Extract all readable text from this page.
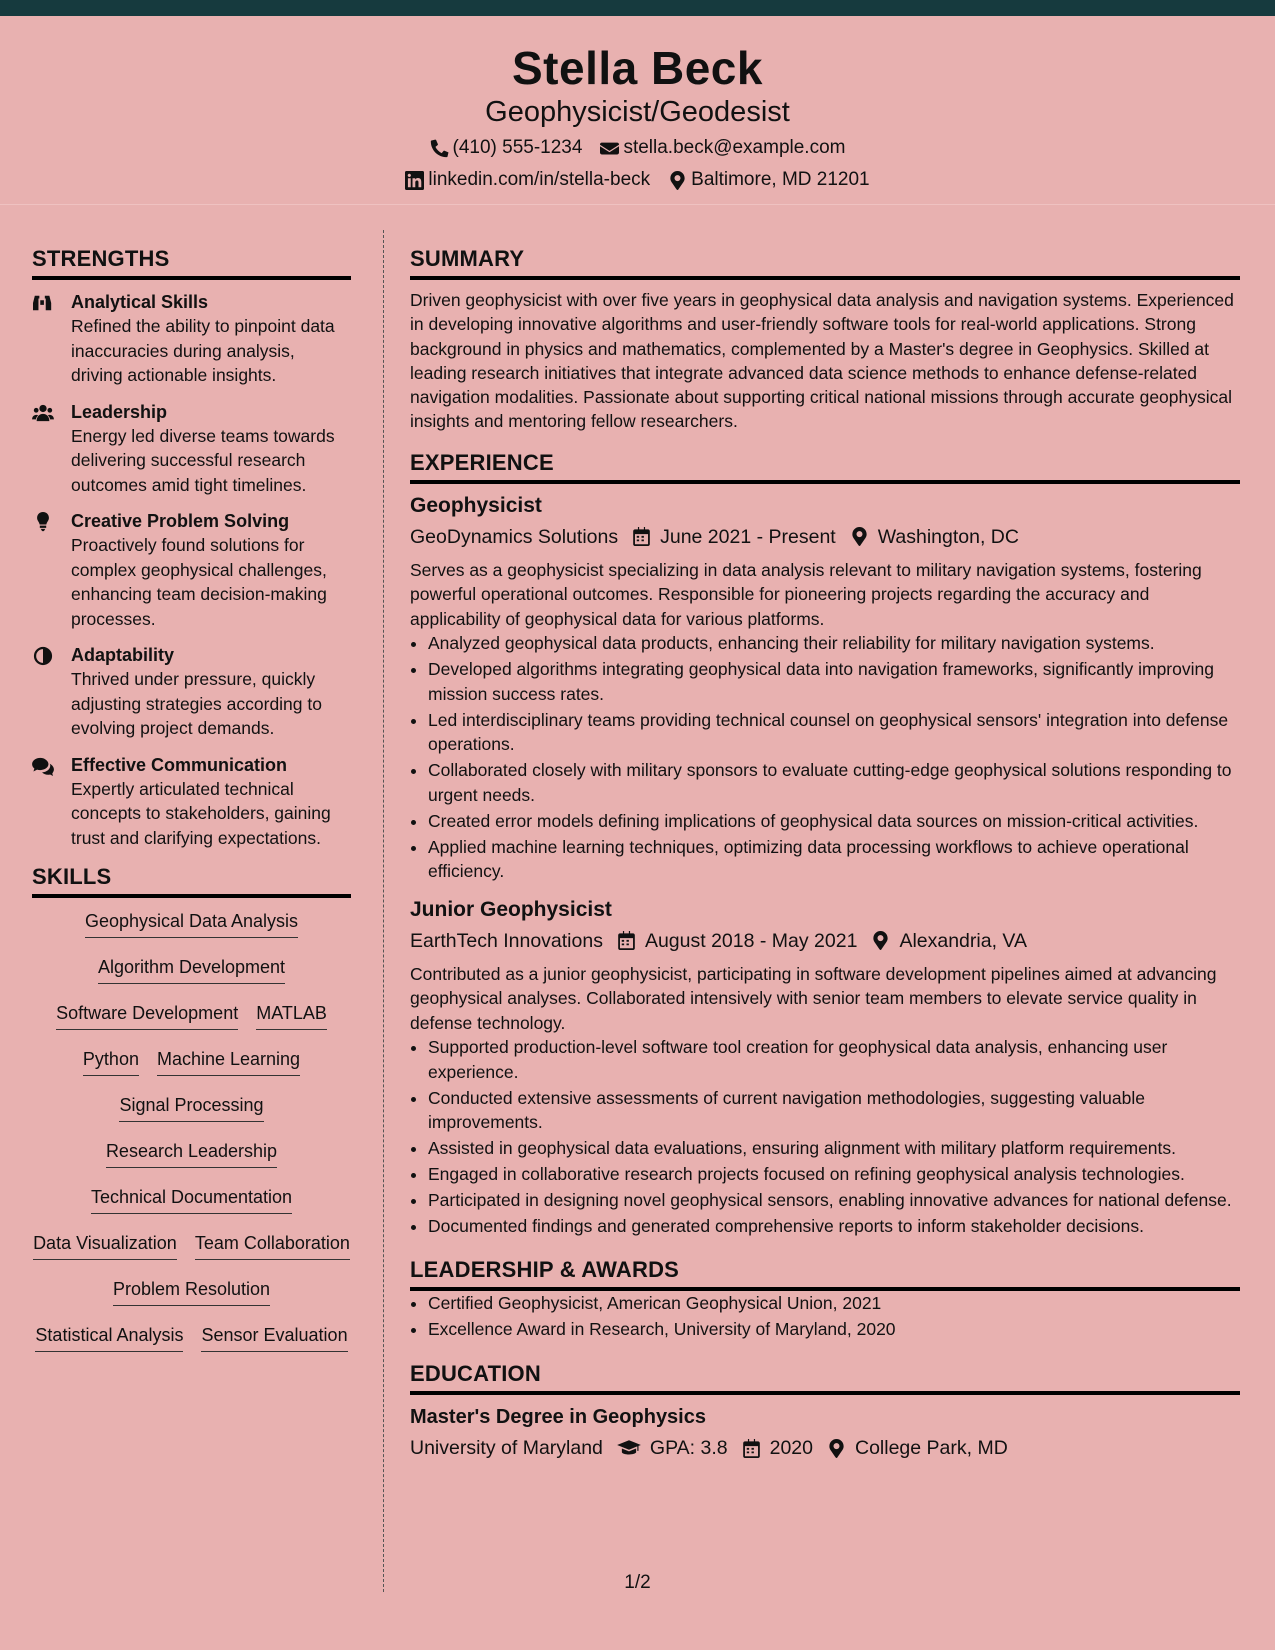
Stella Beck
Geophysicist/Geodesist
(410) 555-1234 stella.beck@example.com
linkedin.com/in/stella-beck Baltimore, MD 21201
STRENGTHS
Analytical Skills
Refined the ability to pinpoint data inaccuracies during analysis, driving actionable insights.
Leadership
Energy led diverse teams towards delivering successful research outcomes amid tight timelines.
Creative Problem Solving
Proactively found solutions for complex geophysical challenges, enhancing team decision-making processes.
Adaptability
Thrived under pressure, quickly adjusting strategies according to evolving project demands.
Effective Communication
Expertly articulated technical concepts to stakeholders, gaining trust and clarifying expectations.
SKILLS
Geophysical Data Analysis
Algorithm Development
Software Development MATLAB
Python Machine Learning
Signal Processing
Research Leadership
Technical Documentation
Data Visualization Team Collaboration
Problem Resolution
Statistical Analysis Sensor Evaluation
SUMMARY
Driven geophysicist with over five years in geophysical data analysis and navigation systems. Experienced in developing innovative algorithms and user-friendly software tools for real-world applications. Strong background in physics and mathematics, complemented by a Master's degree in Geophysics. Skilled at leading research initiatives that integrate advanced data science methods to enhance defense-related navigation modalities. Passionate about supporting critical national missions through accurate geophysical insights and mentoring fellow researchers.
EXPERIENCE
Geophysicist
GeoDynamics Solutions June 2021 - Present Washington, DC
Serves as a geophysicist specializing in data analysis relevant to military navigation systems, fostering powerful operational outcomes. Responsible for pioneering projects regarding the accuracy and applicability of geophysical data for various platforms.
• Analyzed geophysical data products, enhancing their reliability for military navigation systems.
• Developed algorithms integrating geophysical data into navigation frameworks, significantly improving mission success rates.
• Led interdisciplinary teams providing technical counsel on geophysical sensors' integration into defense operations.
• Collaborated closely with military sponsors to evaluate cutting-edge geophysical solutions responding to urgent needs.
• Created error models defining implications of geophysical data sources on mission-critical activities.
• Applied machine learning techniques, optimizing data processing workflows to achieve operational efficiency.
Junior Geophysicist
EarthTech Innovations August 2018 - May 2021 Alexandria, VA
Contributed as a junior geophysicist, participating in software development pipelines aimed at advancing geophysical analyses. Collaborated intensively with senior team members to elevate service quality in defense technology.
• Supported production-level software tool creation for geophysical data analysis, enhancing user experience.
• Conducted extensive assessments of current navigation methodologies, suggesting valuable improvements.
• Assisted in geophysical data evaluations, ensuring alignment with military platform requirements.
• Engaged in collaborative research projects focused on refining geophysical analysis technologies.
• Participated in designing novel geophysical sensors, enabling innovative advances for national defense.
• Documented findings and generated comprehensive reports to inform stakeholder decisions.
LEADERSHIP & AWARDS
• Certified Geophysicist, American Geophysical Union, 2021
• Excellence Award in Research, University of Maryland, 2020
EDUCATION
Master's Degree in Geophysics
University of Maryland GPA: 3.8 2020 College Park, MD
1/2
